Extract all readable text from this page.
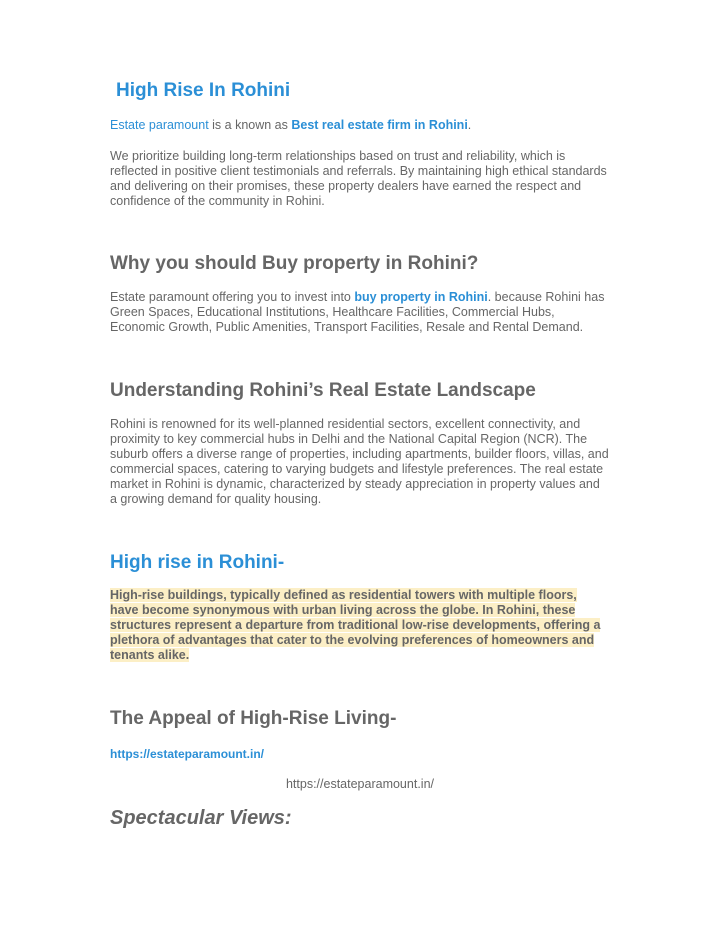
High Rise In Rohini

Estate paramount is a known as Best real estate firm in Rohini.

We prioritize building long-term relationships based on trust and reliability, which is reflected in positive client testimonials and referrals. By maintaining high ethical standards and delivering on their promises, these property dealers have earned the respect and confidence of the community in Rohini.

Why you should Buy property in Rohini?

Estate paramount offering you to invest into buy property in Rohini. because Rohini has Green Spaces, Educational Institutions, Healthcare Facilities, Commercial Hubs, Economic Growth, Public Amenities, Transport Facilities, Resale and Rental Demand.

Understanding Rohini’s Real Estate Landscape

Rohini is renowned for its well-planned residential sectors, excellent connectivity, and proximity to key commercial hubs in Delhi and the National Capital Region (NCR). The suburb offers a diverse range of properties, including apartments, builder floors, villas, and commercial spaces, catering to varying budgets and lifestyle preferences. The real estate market in Rohini is dynamic, characterized by steady appreciation in property values and a growing demand for quality housing.

High rise in Rohini-
High-rise buildings, typically defined as residential towers with multiple floors,
have become synonymous with urban living across the globe. In Rohini, these
structures represent a departure from traditional low-rise developments, offering a
plethora of advantages that cater to the evolving preferences of homeowners and
tenants alike.
The Appeal of High-Rise Living-
https://estateparamount.in/
Spectacular Views:
https://estateparamount.in/
